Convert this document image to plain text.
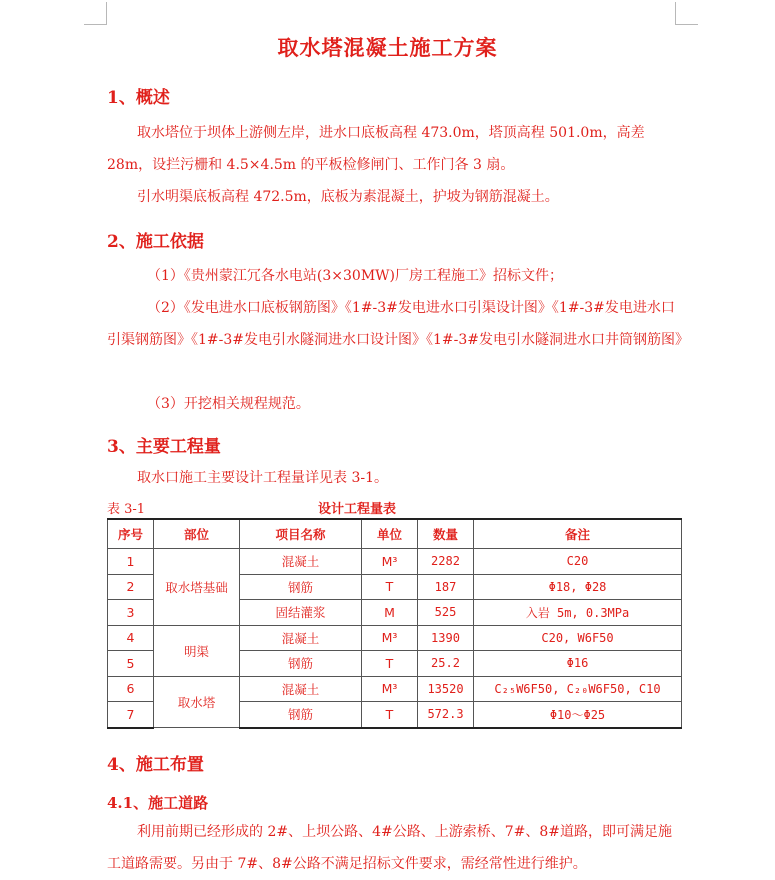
取水塔混凝土施工方案
1、概述
取水塔位于坝体上游侧左岸，进水口底板高程 473.0m，塔顶高程 501.0m，高差 28m，设拦污栅和 4.5×4.5m 的平板检修闸门、工作门各 3 扇。
引水明渠底板高程 472.5m，底板为素混凝土，护坡为钢筋混凝土。
2、施工依据
（1）《贵州蒙江冗各水电站(3×30MW)厂房工程施工》招标文件；
（2）《发电进水口底板钢筋图》《1#-3#发电进水口引渠设计图》《1#-3#发电进水口引渠钢筋图》《1#-3#发电引水隧洞进水口设计图》《1#-3#发电引水隧洞进水口井筒钢筋图》
（3）开挖相关规程规范。
3、主要工程量
取水口施工主要设计工程量详见表 3-1。
表 3-1	设计工程量表
序号	部位	项目名称	单位	数量	备注
1	取水塔基础	混凝土	M³	2282	C20
2		钢筋	T	187	Φ18, Φ28
3		固结灌浆	M	525	入岩 5m, 0.3MPa
4	明渠	混凝土	M³	1390	C20, W6F50
5		钢筋	T	25.2	Φ16
6	取水塔	混凝土	M³	13520	C₂₅W6F50, C₂₀W6F50, C10
7		钢筋	T	572.3	Φ10～Φ25
4、施工布置
4.1、施工道路
利用前期已经形成的 2#、上坝公路、4#公路、上游索桥、7#、8#道路，即可满足施工道路需要。另由于 7#、8#公路不满足招标文件要求，需经常性进行维护。
